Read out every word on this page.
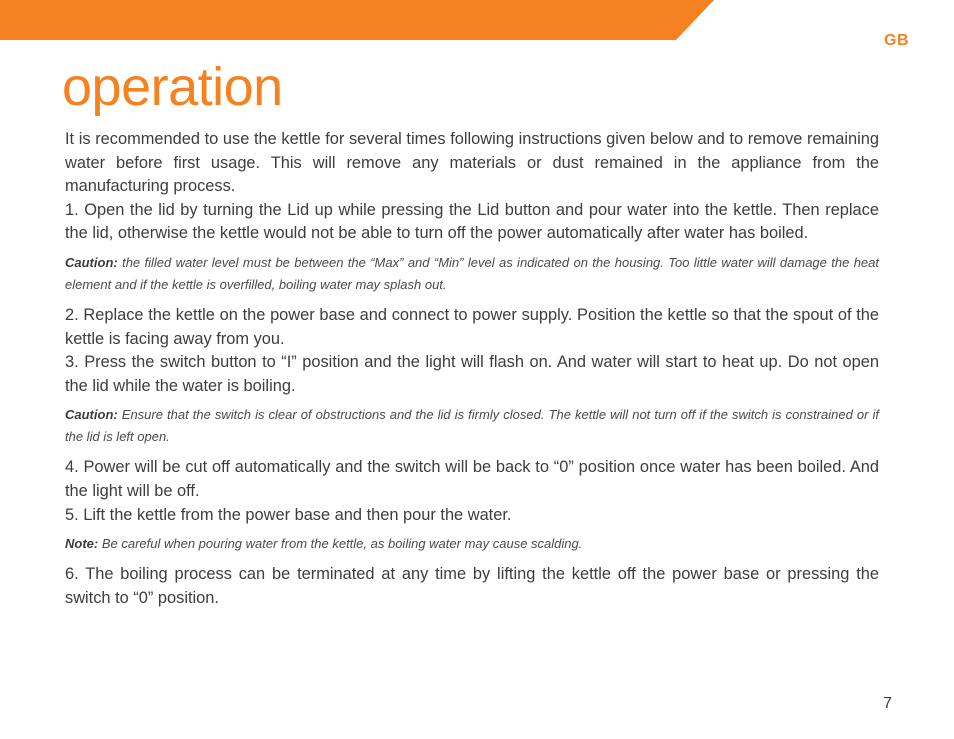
GB
operation

It is recommended to use the kettle for several times following instructions given below and to remove remaining water before first usage. This will remove any materials or dust remained in the appliance from the manufacturing process.

1. Open the lid by turning the Lid up while pressing the Lid button and pour water into the kettle. Then replace the lid, otherwise the kettle would not be able to turn off the power automatically after water has boiled.

Caution: the filled water level must be between the “Max” and “Min” level as indicated on the housing. Too little water will damage the heat element and if the kettle is overfilled, boiling water may splash out.

2. Replace the kettle on the power base and connect to power supply. Position the kettle so that the spout of the kettle is facing away from you.

3. Press the switch button to “I” position and the light will flash on. And water will start to heat up. Do not open the lid while the water is boiling.

Caution: Ensure that the switch is clear of obstructions and the lid is firmly closed. The kettle will not turn off if the switch is constrained or if the lid is left open.

4. Power will be cut off automatically and the switch will be back to “0” position once water has been boiled. And the light will be off.

5. Lift the kettle from the power base and then pour the water.

Note: Be careful when pouring water from the kettle, as boiling water may cause scalding.

6. The boiling process can be terminated at any time by lifting the kettle off the power base or pressing the switch to “0” position.

7
